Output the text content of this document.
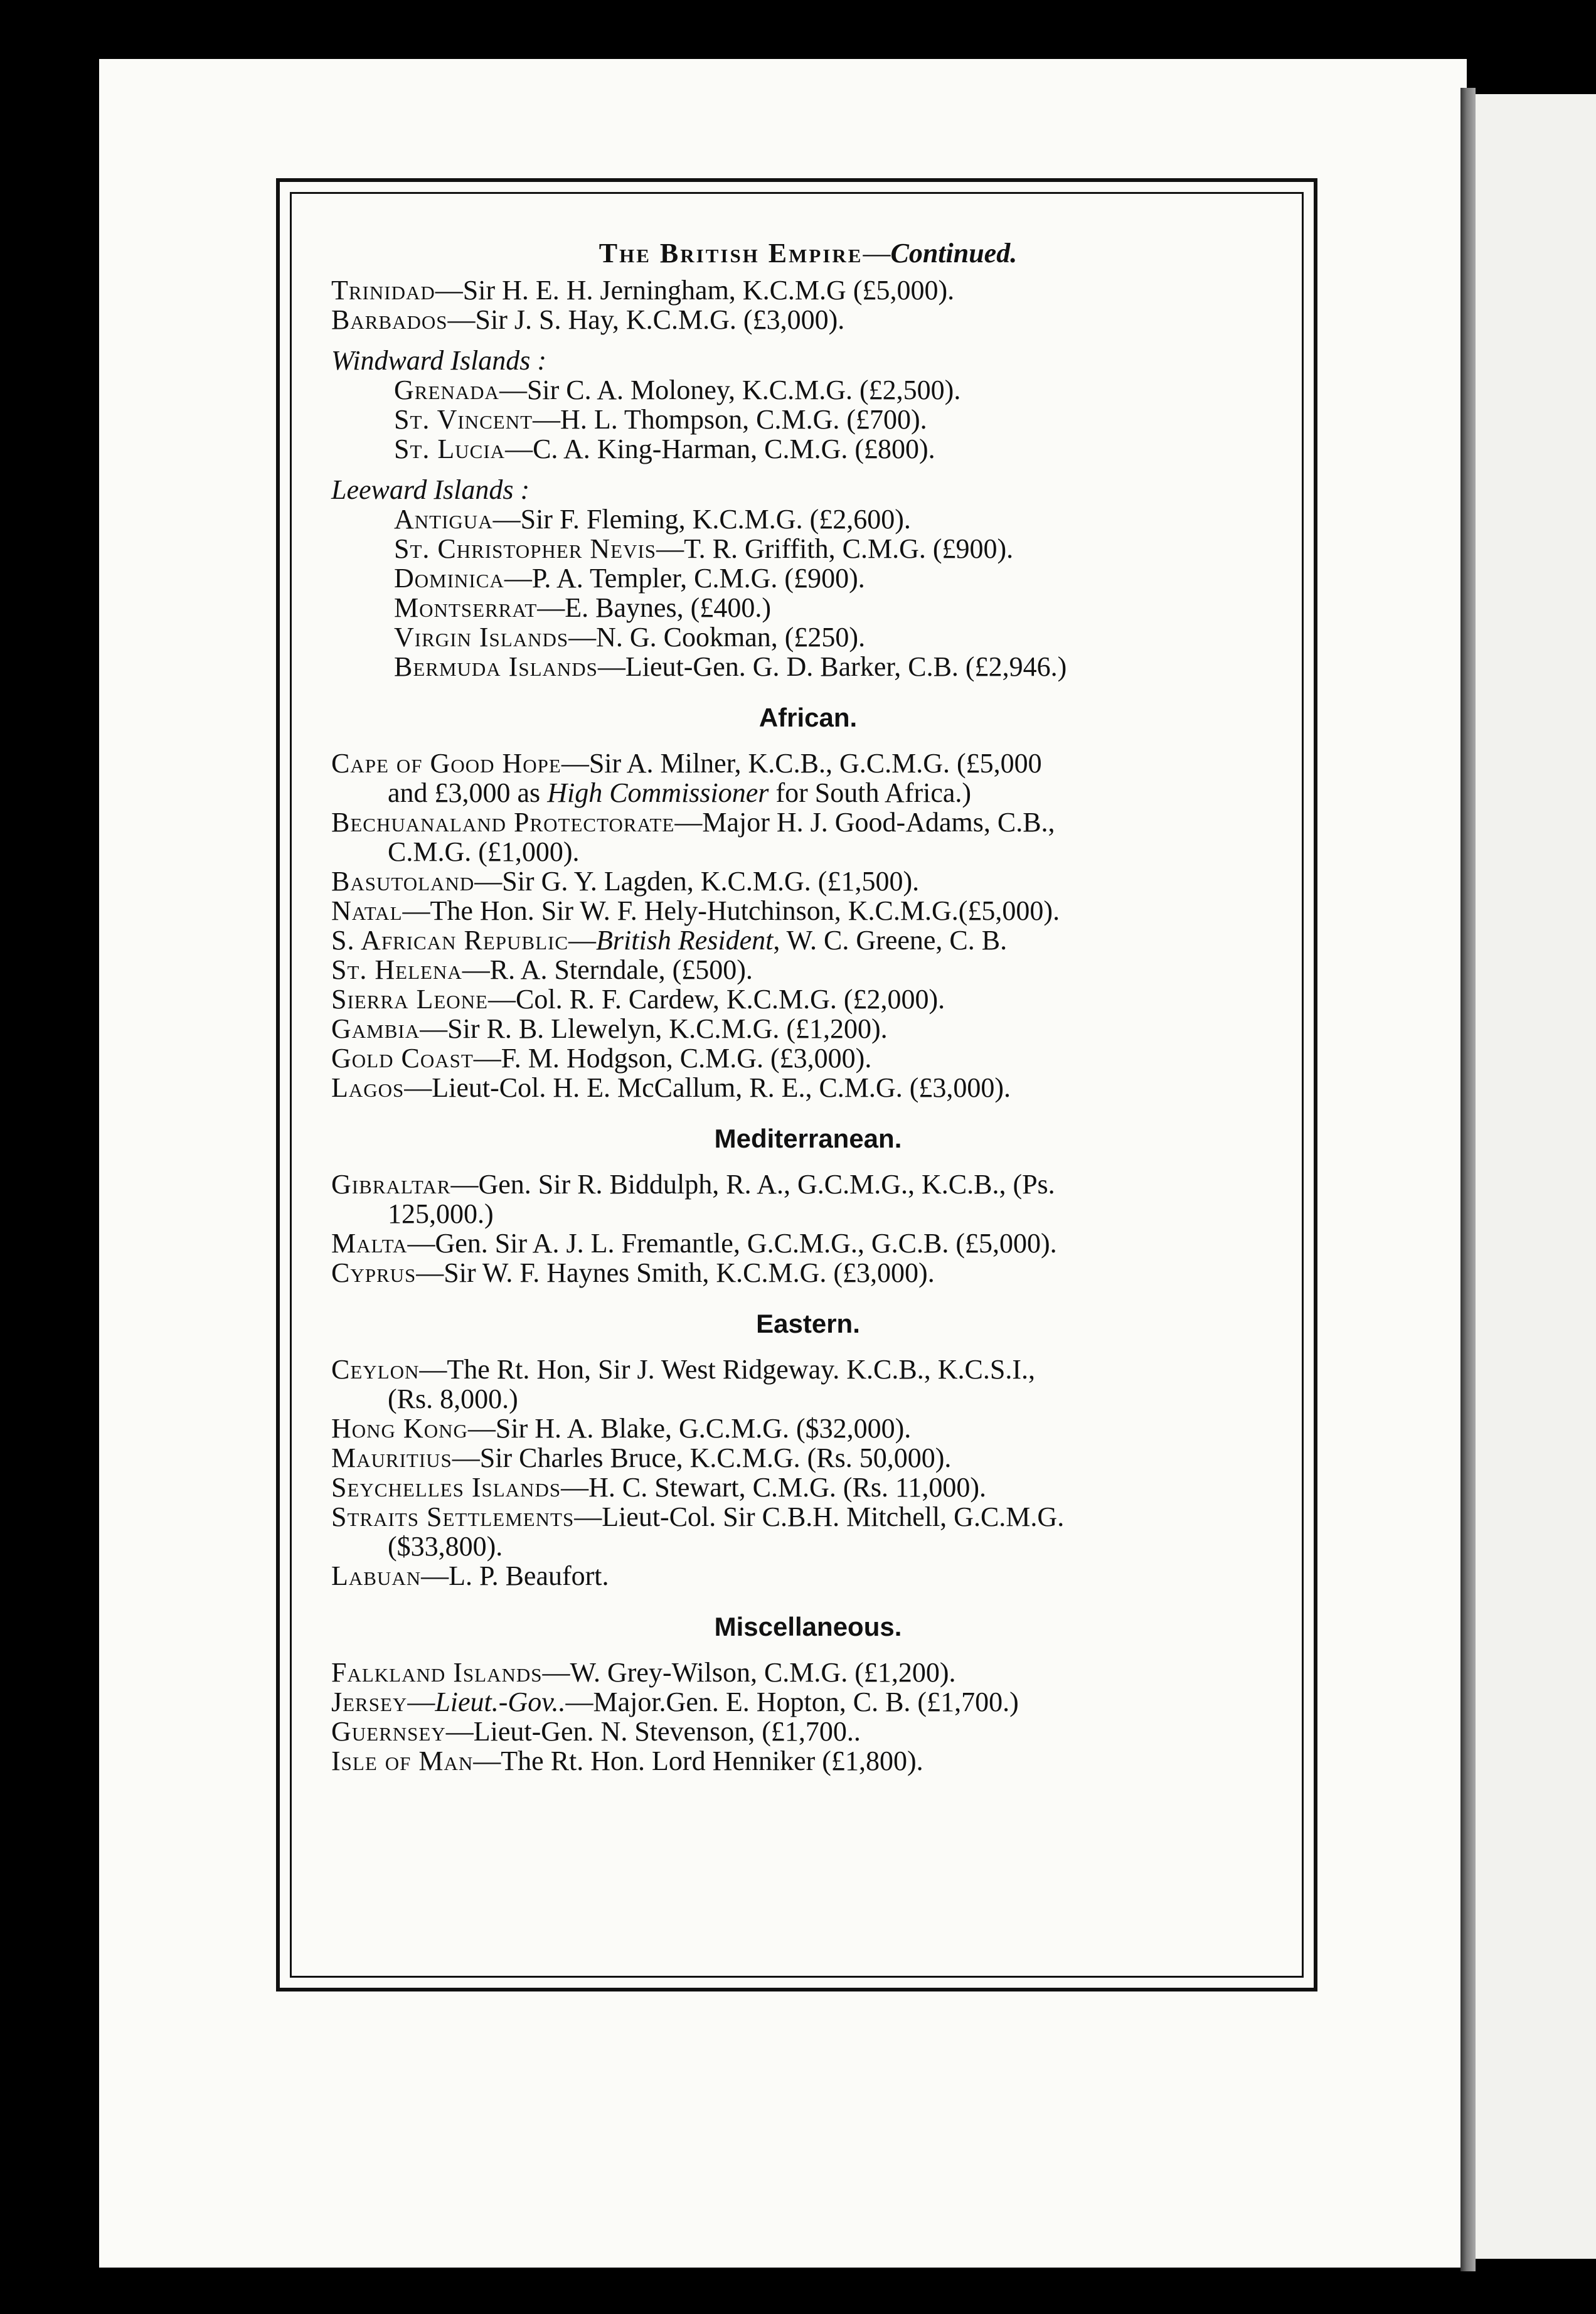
The British Empire—Continued.
Trinidad—Sir H. E. H. Jerningham, K.C.M.G (£5,000).
Barbados—Sir J. S. Hay, K.C.M.G. (£3,000).
Windward Islands :
Grenada—Sir C. A. Moloney, K.C.M.G. (£2,500).
St. Vincent—H. L. Thompson, C.M.G. (£700).
St. Lucia—C. A. King-Harman, C.M.G. (£800).
Leeward Islands :
Antigua—Sir F. Fleming, K.C.M.G. (£2,600).
St. Christopher Nevis—T. R. Griffith, C.M.G. (£900).
Dominica—P. A. Templer, C.M.G. (£900).
Montserrat—E. Baynes, (£400.)
Virgin Islands—N. G. Cookman, (£250).
Bermuda Islands—Lieut-Gen. G. D. Barker, C.B. (£2,946.)
African.
Cape of Good Hope—Sir A. Milner, K.C.B., G.C.M.G. (£5,000
and £3,000 as High Commissioner for South Africa.)
Bechuanaland Protectorate—Major H. J. Good-Adams, C.B.,
C.M.G. (£1,000).
Basutoland—Sir G. Y. Lagden, K.C.M.G. (£1,500).
Natal—The Hon. Sir W. F. Hely-Hutchinson, K.C.M.G.(£5,000).
S. African Republic—British Resident, W. C. Greene, C. B.
St. Helena—R. A. Sterndale, (£500).
Sierra Leone—Col. R. F. Cardew, K.C.M.G. (£2,000).
Gambia—Sir R. B. Llewelyn, K.C.M.G. (£1,200).
Gold Coast—F. M. Hodgson, C.M.G. (£3,000).
Lagos—Lieut-Col. H. E. McCallum, R. E., C.M.G. (£3,000).
Mediterranean.
Gibraltar—Gen. Sir R. Biddulph, R. A., G.C.M.G., K.C.B., (Ps.
125,000.)
Malta—Gen. Sir A. J. L. Fremantle, G.C.M.G., G.C.B. (£5,000).
Cyprus—Sir W. F. Haynes Smith, K.C.M.G. (£3,000).
Eastern.
Ceylon—The Rt. Hon, Sir J. West Ridgeway. K.C.B., K.C.S.I.,
(Rs. 8,000.)
Hong Kong—Sir H. A. Blake, G.C.M.G. ($32,000).
Mauritius—Sir Charles Bruce, K.C.M.G. (Rs. 50,000).
Seychelles Islands—H. C. Stewart, C.M.G. (Rs. 11,000).
Straits Settlements—Lieut-Col. Sir C.B.H. Mitchell, G.C.M.G.
($33,800).
Labuan—L. P. Beaufort.
Miscellaneous.
Falkland Islands—W. Grey-Wilson, C.M.G. (£1,200).
Jersey—Lieut.-Gov..—Major.Gen. E. Hopton, C. B. (£1,700.)
Guernsey—Lieut-Gen. N. Stevenson, (£1,700..
Isle of Man—The Rt. Hon. Lord Henniker (£1,800).
